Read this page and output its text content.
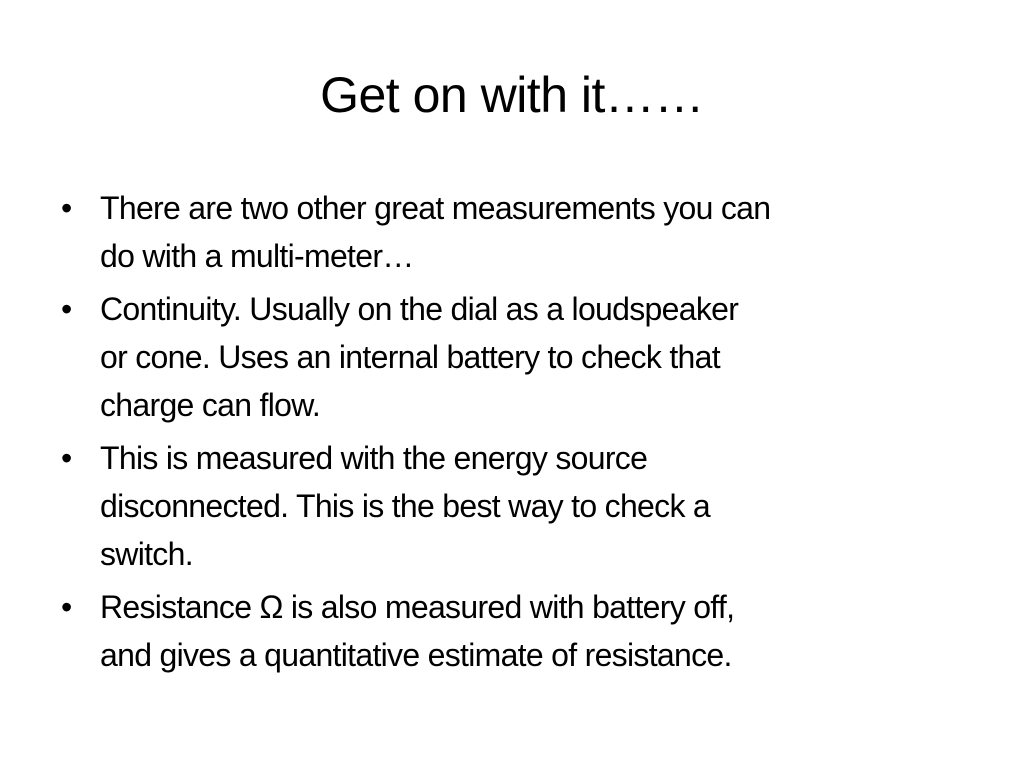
Get on with it……
• There are two other great measurements you can
do with a multi-meter…
• Continuity. Usually on the dial as a loudspeaker
or cone. Uses an internal battery to check that
charge can flow.
• This is measured with the energy source
disconnected. This is the best way to check a
switch.
• Resistance Ω is also measured with battery off,
and gives a quantitative estimate of resistance.
